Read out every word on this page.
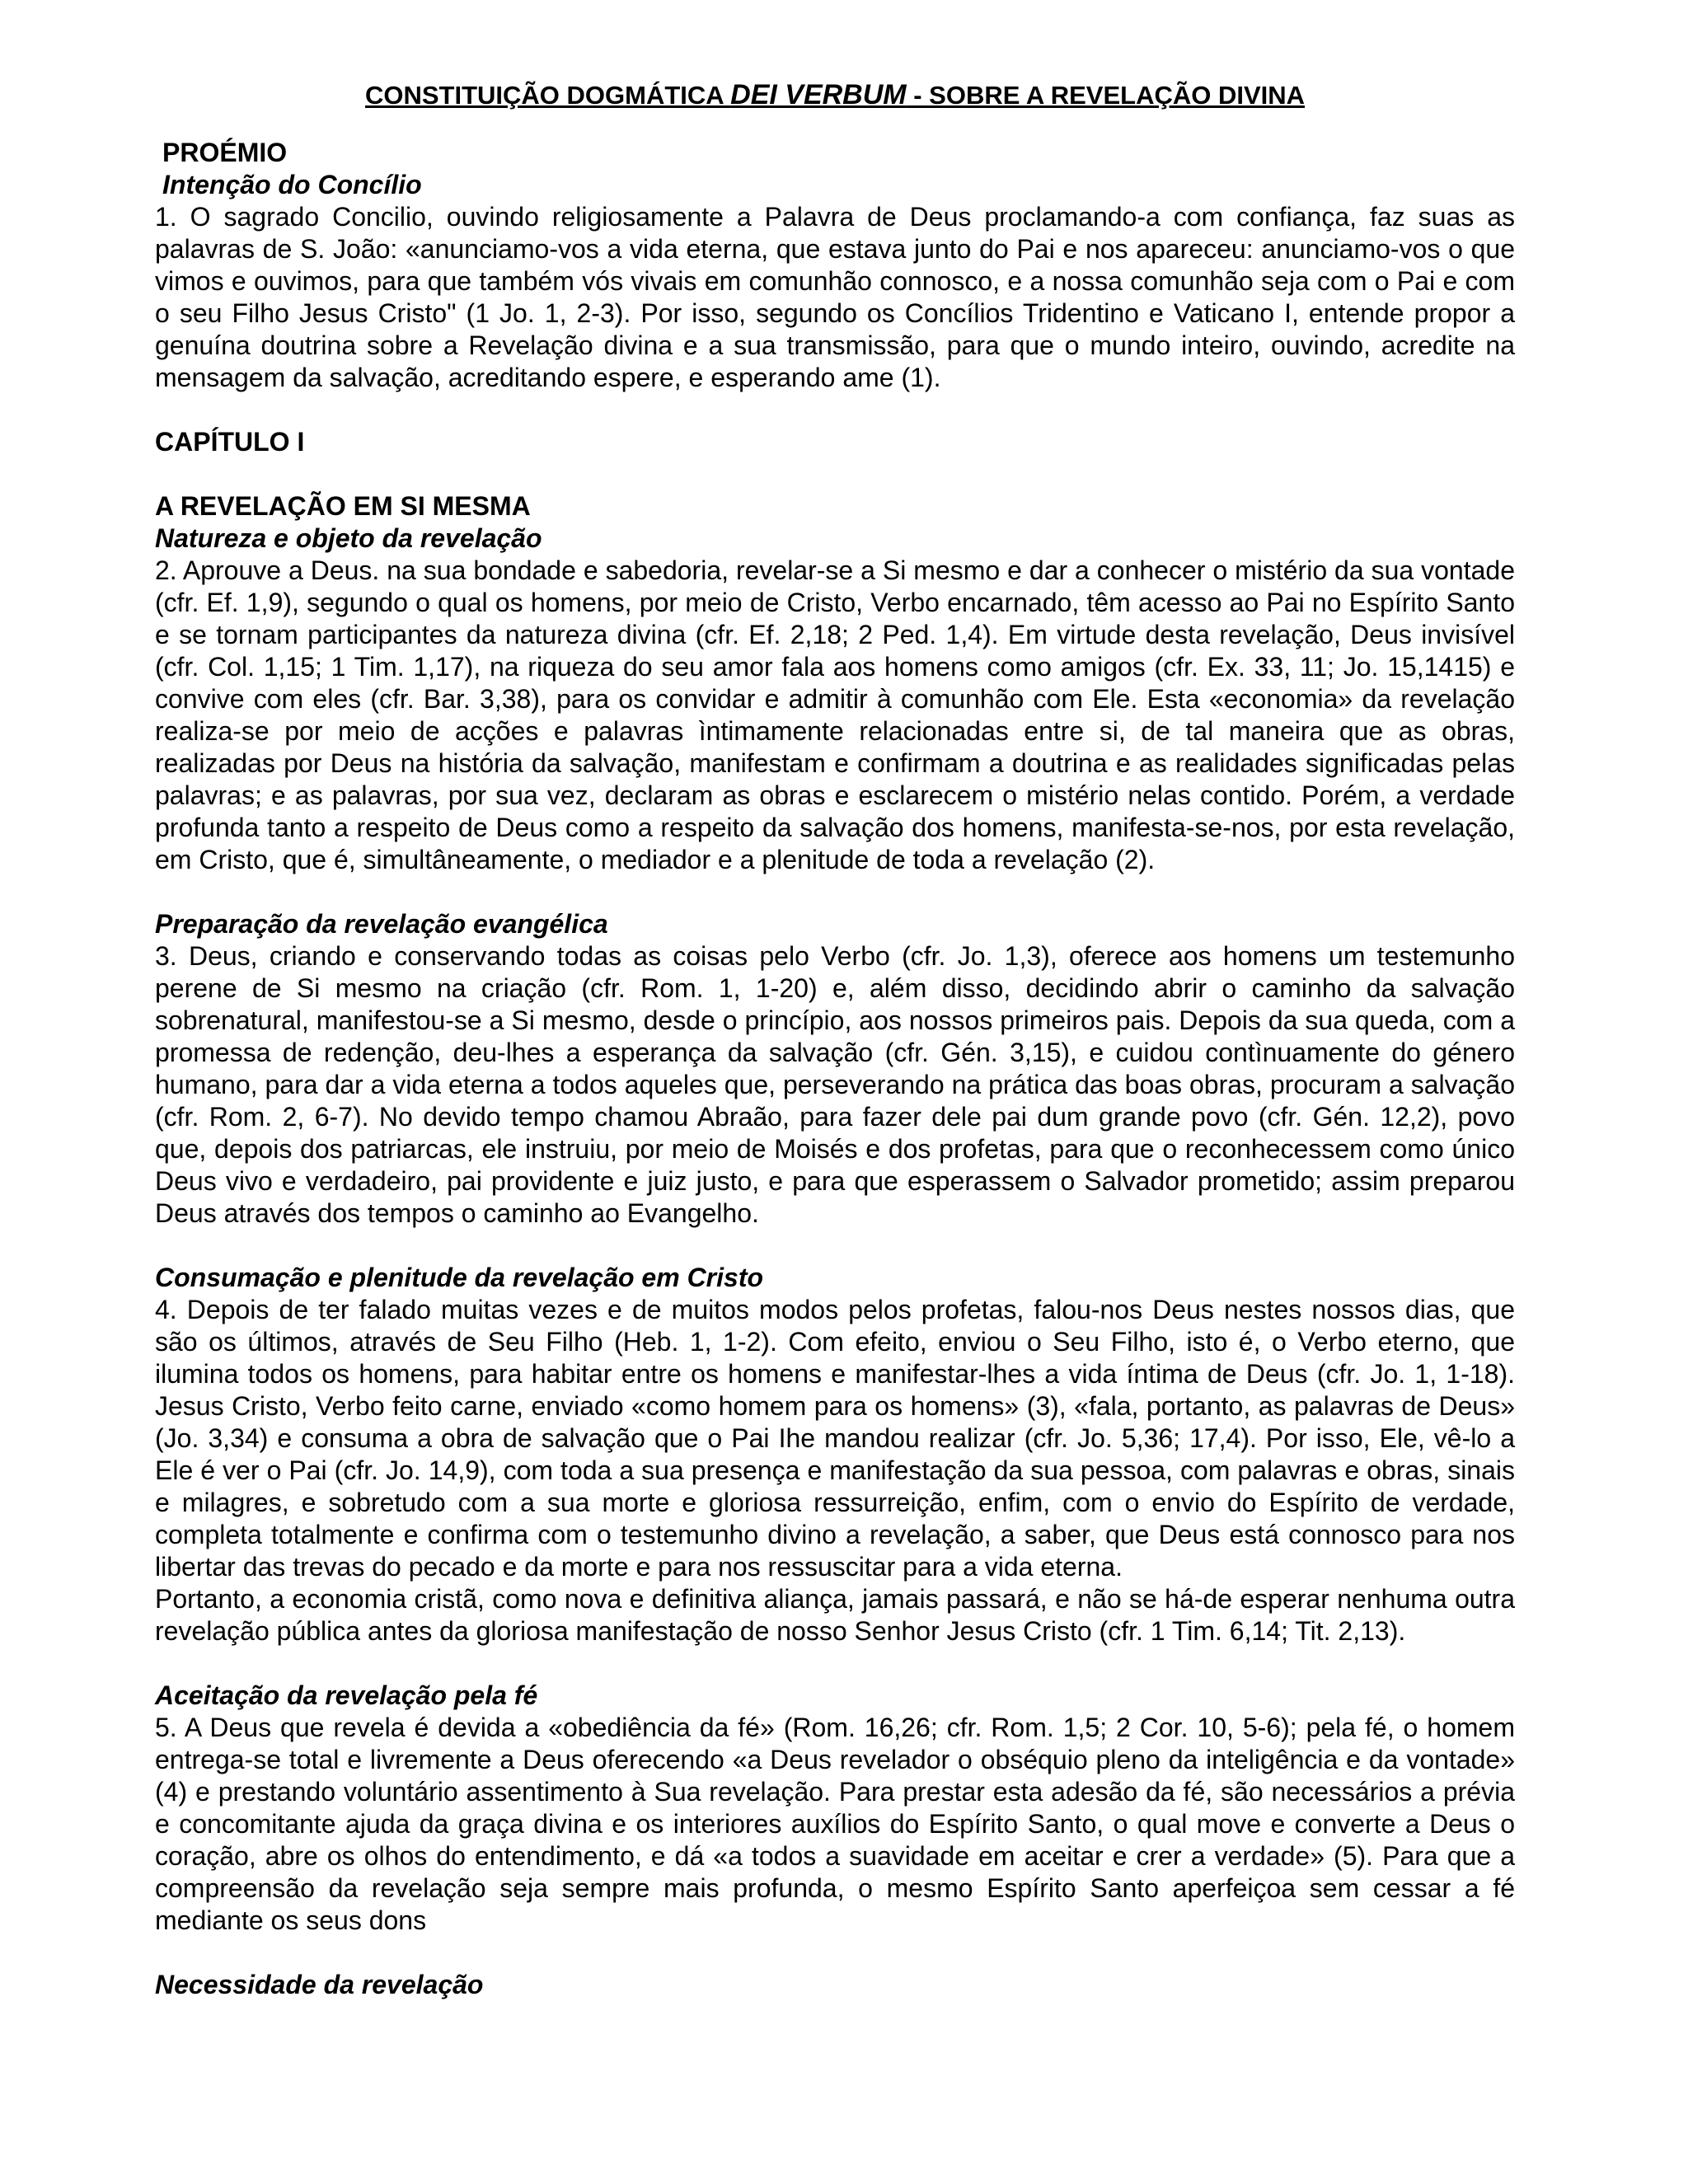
CONSTITUIÇÃO DOGMÁTICA DEI VERBUM - SOBRE A REVELAÇÃO DIVINA
PROÉMIO
Intenção do Concílio

1. O sagrado Concilio, ouvindo religiosamente a Palavra de Deus proclamando-a com confiança, faz suas as palavras de S. João: «anunciamo-vos a vida eterna, que estava junto do Pai e nos apareceu: anunciamo-vos o que vimos e ouvimos, para que também vós vivais em comunhão connosco, e a nossa comunhão seja com o Pai e com o seu Filho Jesus Cristo" (1 Jo. 1, 2-3). Por isso, segundo os Concílios Tridentino e Vaticano I, entende propor a genuína doutrina sobre a Revelação divina e a sua transmissão, para que o mundo inteiro, ouvindo, acredite na mensagem da salvação, acreditando espere, e esperando ame (1).

CAPÍTULO I
A REVELAÇÃO EM SI MESMA
Natureza e objeto da revelação

2. Aprouve a Deus. na sua bondade e sabedoria, revelar-se a Si mesmo e dar a conhecer o mistério da sua vontade (cfr. Ef. 1,9), segundo o qual os homens, por meio de Cristo, Verbo encarnado, têm acesso ao Pai no Espírito Santo e se tornam participantes da natureza divina (cfr. Ef. 2,18; 2 Ped. 1,4). Em virtude desta revelação, Deus invisível (cfr. Col. 1,15; 1 Tim. 1,17), na riqueza do seu amor fala aos homens como amigos (cfr. Ex. 33, 11; Jo. 15,1415) e convive com eles (cfr. Bar. 3,38), para os convidar e admitir à comunhão com Ele. Esta «economia» da revelação realiza-se por meio de acções e palavras ìntimamente relacionadas entre si, de tal maneira que as obras, realizadas por Deus na história da salvação, manifestam e confirmam a doutrina e as realidades significadas pelas palavras; e as palavras, por sua vez, declaram as obras e esclarecem o mistério nelas contido. Porém, a verdade profunda tanto a respeito de Deus como a respeito da salvação dos homens, manifesta-se-nos, por esta revelação, em Cristo, que é, simultâneamente, o mediador e a plenitude de toda a revelação (2).

Preparação da revelação evangélica

3. Deus, criando e conservando todas as coisas pelo Verbo (cfr. Jo. 1,3), oferece aos homens um testemunho perene de Si mesmo na criação (cfr. Rom. 1, 1-20) e, além disso, decidindo abrir o caminho da salvação sobrenatural, manifestou-se a Si mesmo, desde o princípio, aos nossos primeiros pais. Depois da sua queda, com a promessa de redenção, deu-lhes a esperança da salvação (cfr. Gén. 3,15), e cuidou contìnuamente do género humano, para dar a vida eterna a todos aqueles que, perseverando na prática das boas obras, procuram a salvação (cfr. Rom. 2, 6-7). No devido tempo chamou Abraão, para fazer dele pai dum grande povo (cfr. Gén. 12,2), povo que, depois dos patriarcas, ele instruiu, por meio de Moisés e dos profetas, para que o reconhecessem como único Deus vivo e verdadeiro, pai providente e juiz justo, e para que esperassem o Salvador prometido; assim preparou Deus através dos tempos o caminho ao Evangelho.

Consumação e plenitude da revelação em Cristo

4. Depois de ter falado muitas vezes e de muitos modos pelos profetas, falou-nos Deus nestes nossos dias, que são os últimos, através de Seu Filho (Heb. 1, 1-2). Com efeito, enviou o Seu Filho, isto é, o Verbo eterno, que ilumina todos os homens, para habitar entre os homens e manifestar-lhes a vida íntima de Deus (cfr. Jo. 1, 1-18). Jesus Cristo, Verbo feito carne, enviado «como homem para os homens» (3), «fala, portanto, as palavras de Deus» (Jo. 3,34) e consuma a obra de salvação que o Pai Ihe mandou realizar (cfr. Jo. 5,36; 17,4). Por isso, Ele, vê-lo a Ele é ver o Pai (cfr. Jo. 14,9), com toda a sua presença e manifestação da sua pessoa, com palavras e obras, sinais e milagres, e sobretudo com a sua morte e gloriosa ressurreição, enfim, com o envio do Espírito de verdade, completa totalmente e confirma com o testemunho divino a revelação, a saber, que Deus está connosco para nos libertar das trevas do pecado e da morte e para nos ressuscitar para a vida eterna.

Portanto, a economia cristã, como nova e definitiva aliança, jamais passará, e não se há-de esperar nenhuma outra revelação pública antes da gloriosa manifestação de nosso Senhor Jesus Cristo (cfr. 1 Tim. 6,14; Tit. 2,13).

Aceitação da revelação pela fé

5. A Deus que revela é devida a «obediência da fé» (Rom. 16,26; cfr. Rom. 1,5; 2 Cor. 10, 5-6); pela fé, o homem entrega-se total e livremente a Deus oferecendo «a Deus revelador o obséquio pleno da inteligência e da vontade» (4) e prestando voluntário assentimento à Sua revelação. Para prestar esta adesão da fé, são necessários a prévia e concomitante ajuda da graça divina e os interiores auxílios do Espírito Santo, o qual move e converte a Deus o coração, abre os olhos do entendimento, e dá «a todos a suavidade em aceitar e crer a verdade» (5). Para que a compreensão da revelação seja sempre mais profunda, o mesmo Espírito Santo aperfeiçoa sem cessar a fé mediante os seus dons

Necessidade da revelação
